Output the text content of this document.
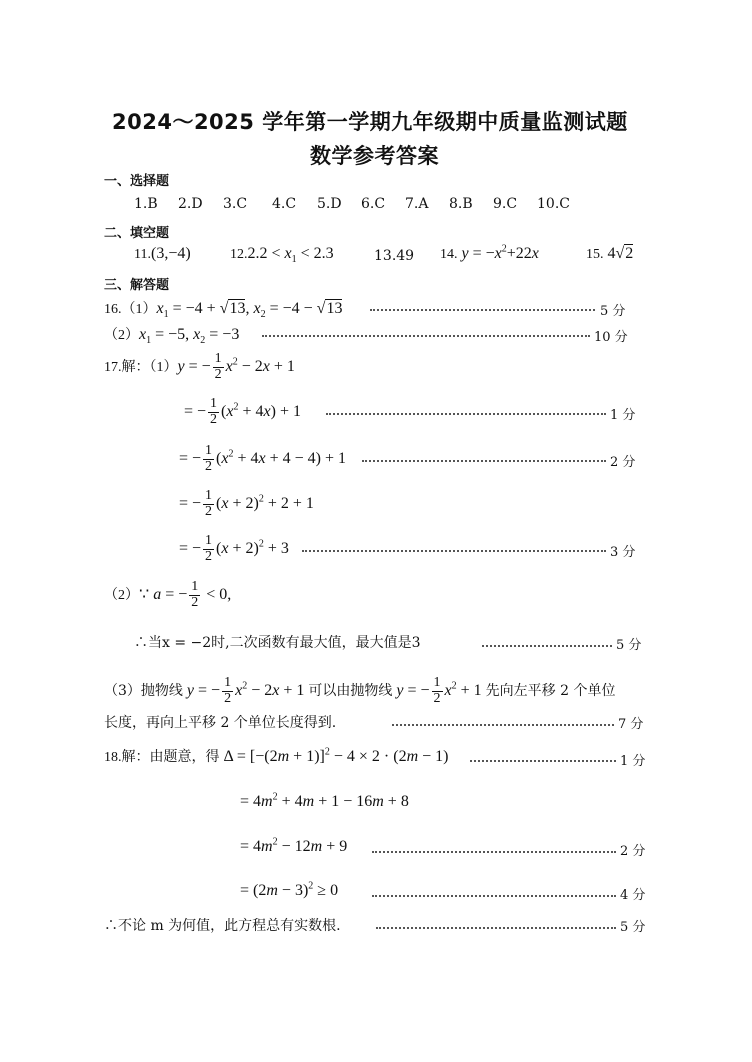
2024～2025 学年第一学期九年级期中质量监测试题
数学参考答案
一、选择题
1.B 2.D 3.C 4.C 5.D 6.C 7.A 8.B 9.C 10.C
二、填空题
11.(3,−4)	$12.2.2 < x_1 < 2.3$	13.49 14. $y = -x^2+22x$	15. 4√2
三、解答题
$16.(1)x_1 = -4 + √13$, $x_2 = -4 - √13$	5 分
$(2)x_1 = -5$, $x_2 = -3$	10 分
17.解：（1）y = − $\frac{1}{2} x^2 - 2x + 1$
= − $\frac{1}{2} (x^2 + 4x) + 1$	1 分
= − $\frac{1}{2} (x^2 + 4x + 4 - 4) + 1$	2 分
= − $\frac{1}{2} (x + 2)^2 + 2 + 1$
= − $\frac{1}{2} (x + 2)^2 + 3$	3 分
（2）∵ a = − $\frac{1}{2} < 0$,
∴当x = −2时,二次函数有最大值，最大值是3	5 分
（3）抛物线 y = − $\frac{1}{2} x^2 - 2x + 1$ 可以由抛物线 y = − $\frac{1}{2} x^2 + 1$ 先向左平移 2 个单位
长度，再向上平移 2 个单位长度得到.	7 分
18.解：由题意，得 $\Delta = [-(2m + 1)]^2 - 4 \times 2 \cdot (2m - 1)$	1 分
= $4m^2 + 4m + 1 - 16m + 8$
= $4m^2 - 12m + 9$	2 分
= $(2m - 3)^2 \ge 0$	4 分
∴不论 m 为何值，此方程总有实数根.	5 分
